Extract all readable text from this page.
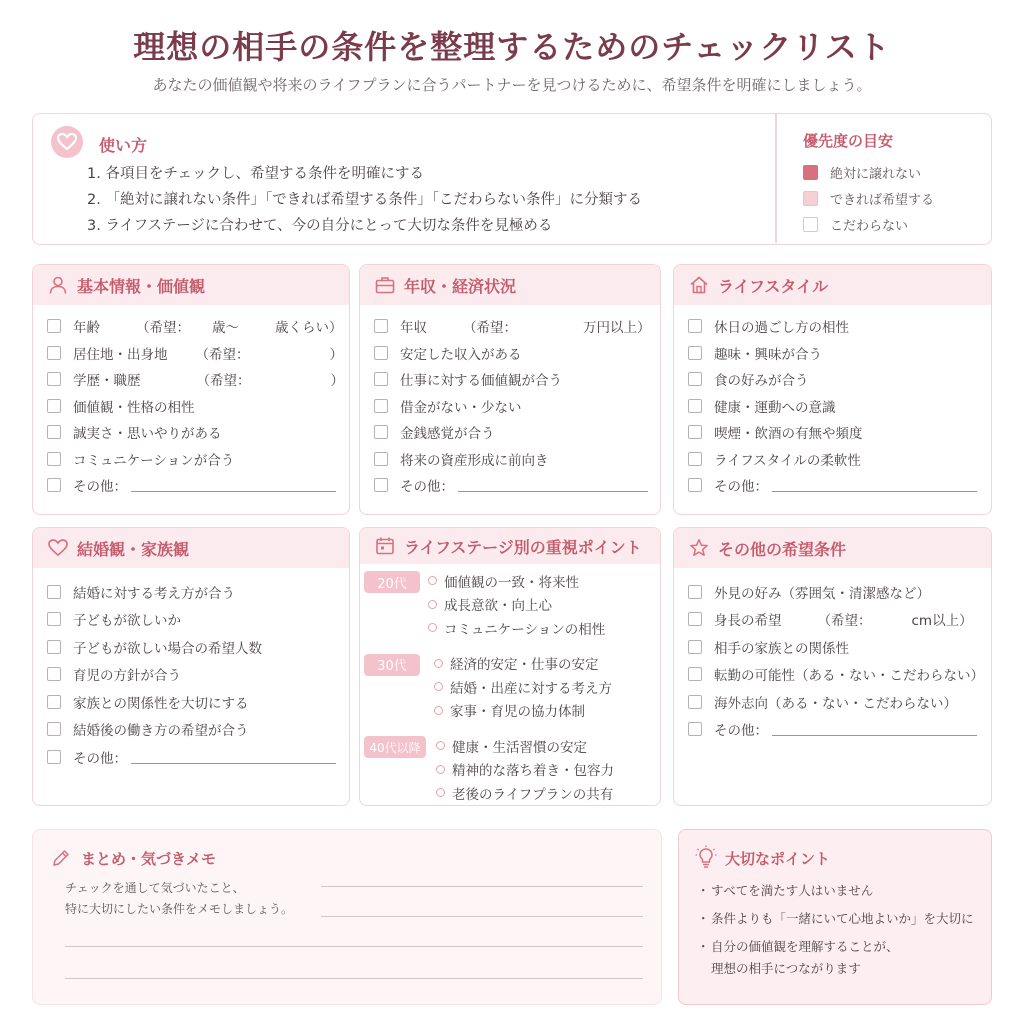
理想の相手の条件を整理するためのチェックリスト
あなたの価値観や将来のライフプランに合うパートナーを見つけるために、希望条件を明確にしましょう。
使い方
1. 各項目をチェックし、希望する条件を明確にする
2. 「絶対に譲れない条件」「できれば希望する条件」「こだわらない条件」に分類する
3. ライフステージに合わせて、今の自分にとって大切な条件を見極める
優先度の目安
絶対に譲れない
できれば希望する
こだわらない
基本情報・価値観
年齢	（希望： 歳〜	歳くらい）
居住地・出身地 （希望：	）
学歴・職歴	（希望：	）
価値観・性格の相性
誠実さ・思いやりがある
コミュニケーションが合う
その他：
年収・経済状況
年収	（希望：	万円以上）
安定した収入がある
仕事に対する価値観が合う
借金がない・少ない
金銭感覚が合う
将来の資産形成に前向き
その他：
ライフスタイル
休日の過ごし方の相性
趣味・興味が合う
食の好みが合う
健康・運動への意識
喫煙・飲酒の有無や頻度
ライフスタイルの柔軟性
その他：
結婚観・家族観
結婚に対する考え方が合う
子どもが欲しいか
子どもが欲しい場合の希望人数
育児の方針が合う
家族との関係性を大切にする
結婚後の働き方の希望が合う
その他：
ライフステージ別の重視ポイント
20代	価値観の一致・将来性
成長意欲・向上心
コミュニケーションの相性
30代	経済的安定・仕事の安定
結婚・出産に対する考え方
家事・育児の協力体制
40代以降	健康・生活習慣の安定
精神的な落ち着き・包容力
老後のライフプランの共有
その他の希望条件
外見の好み（雰囲気・清潔感など）
身長の希望	（希望：	cm以上）
相手の家族との関係性
転勤の可能性（ある・ない・こだわらない）
海外志向（ある・ない・こだわらない）
その他：
まとめ・気づきメモ
チェックを通して気づいたこと、
特に大切にしたい条件をメモしましょう。
大切なポイント
・ すべてを満たす人はいません
・ 条件よりも「一緒にいて心地よいか」を大切に
・ 自分の価値観を理解することが、
理想の相手につながります
